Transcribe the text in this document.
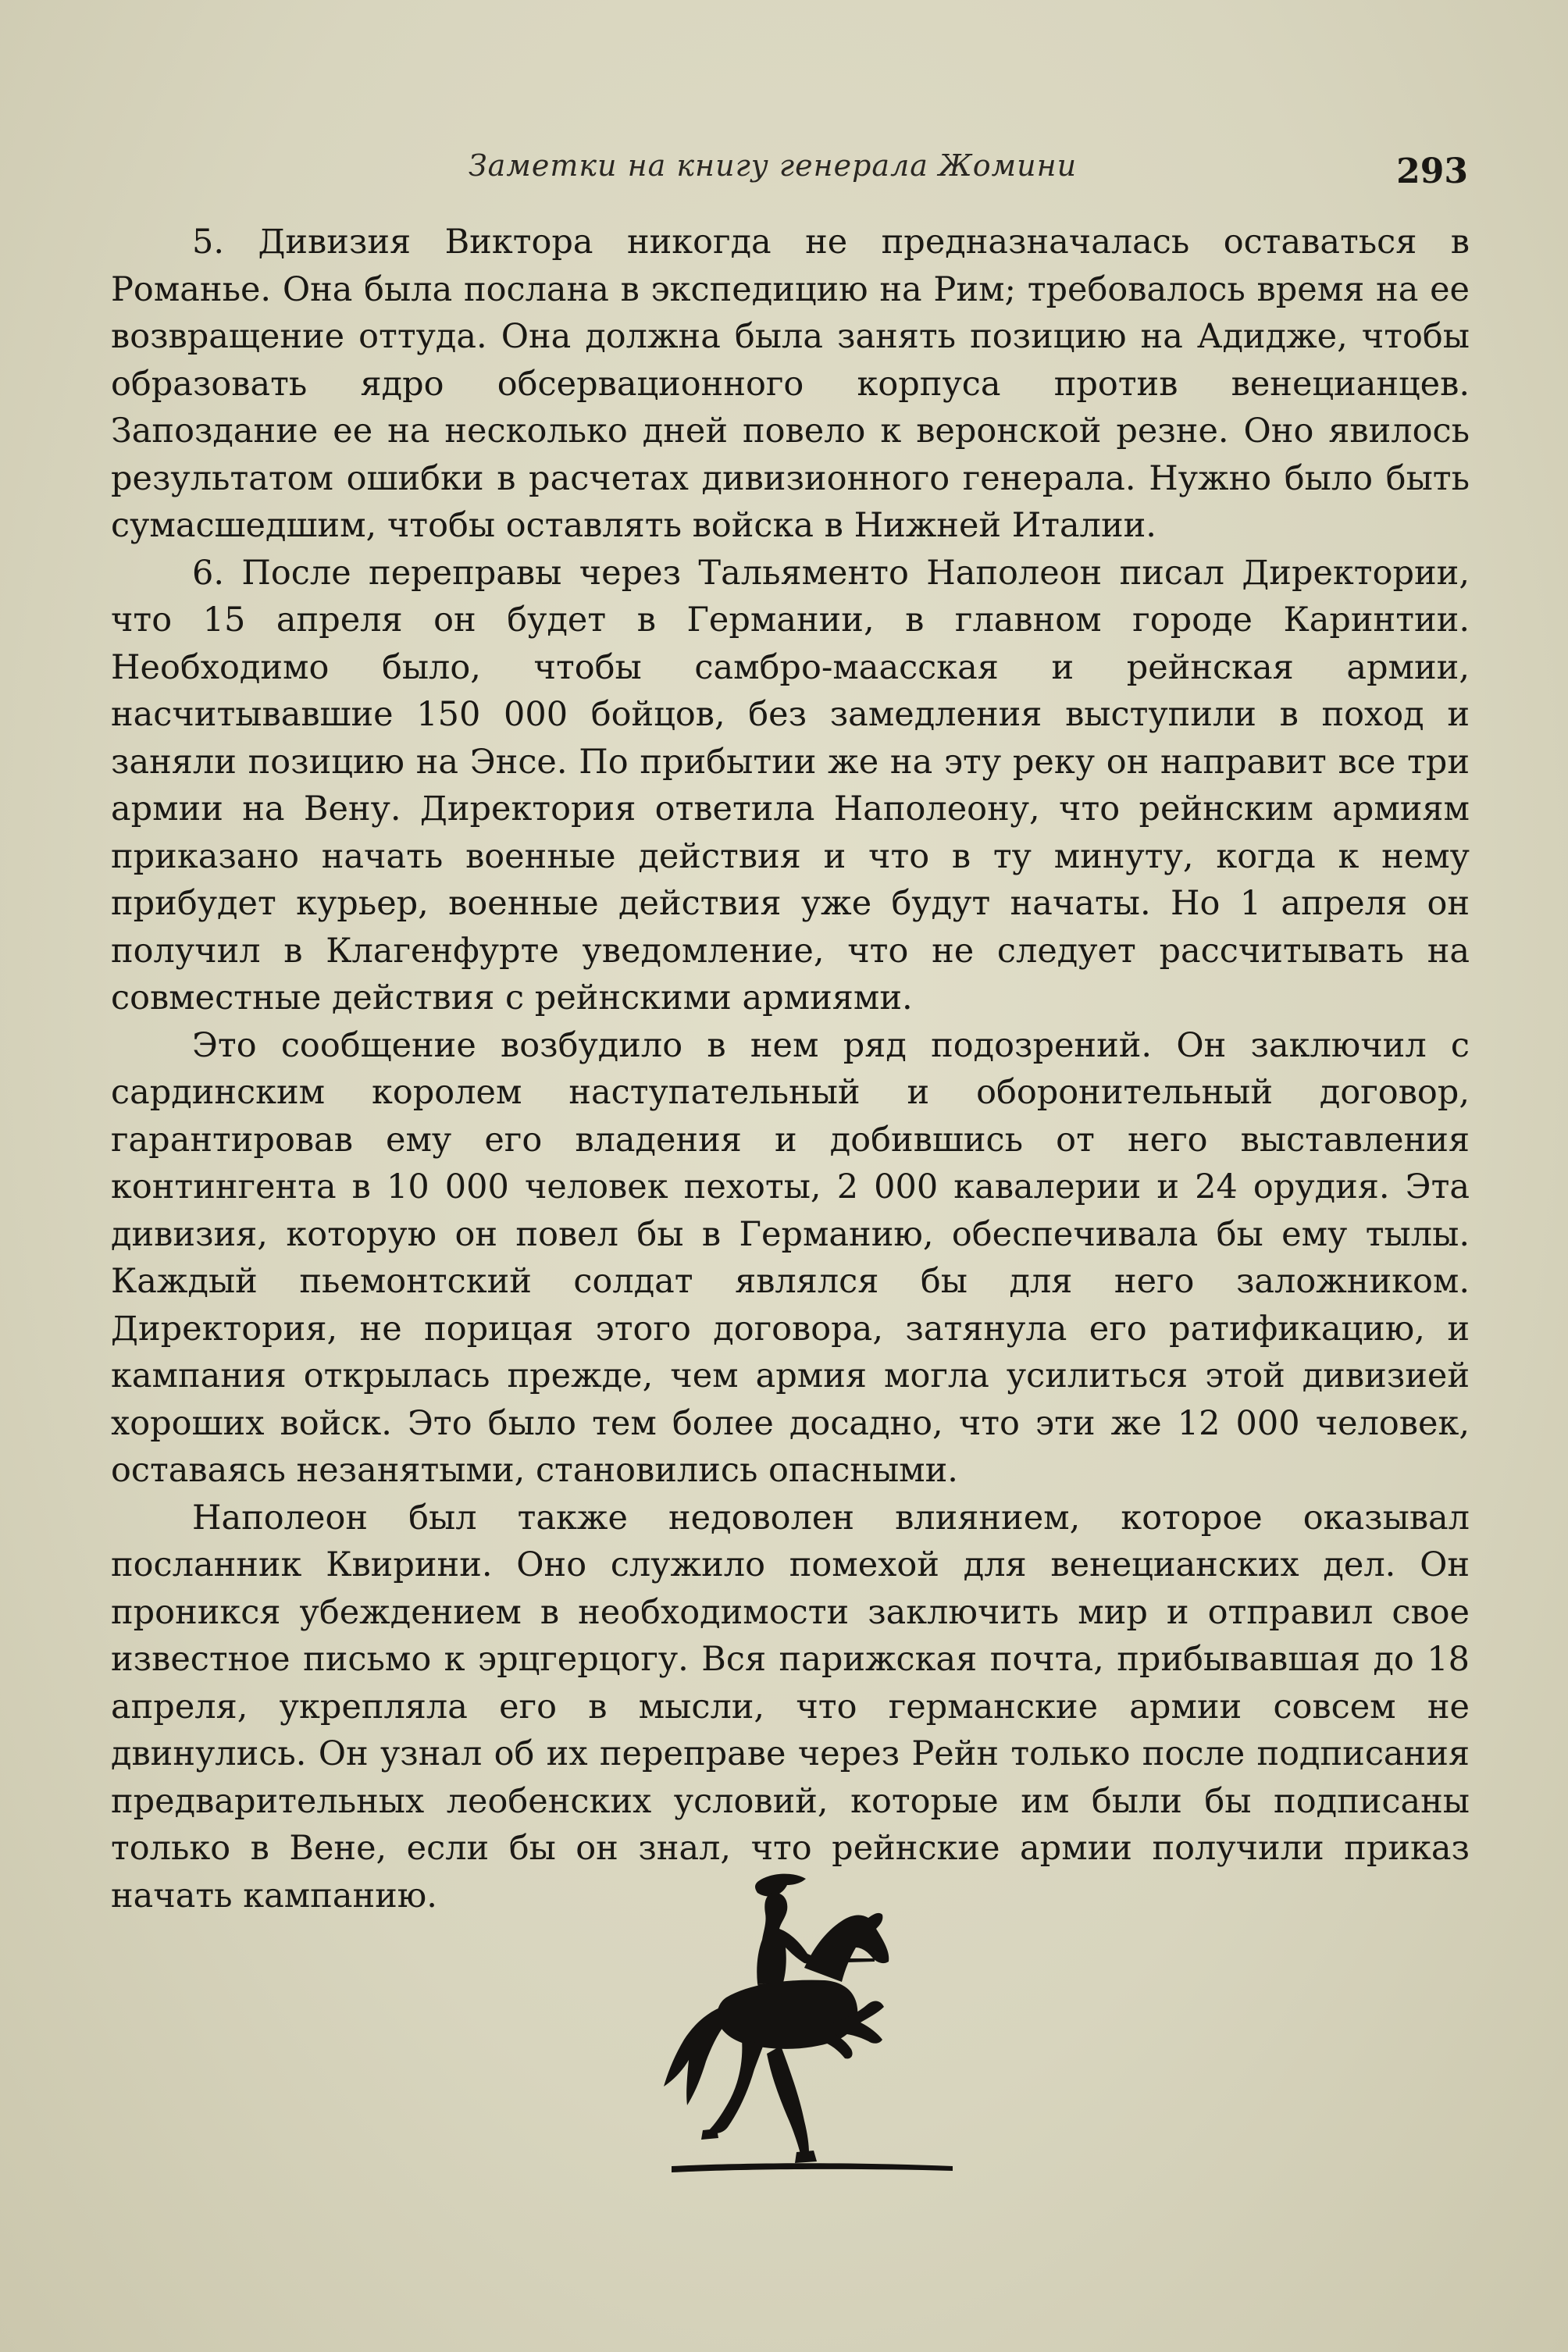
Заметки на книгу генерала Жомини	293

5. Дивизия Виктора никогда не предназначалась оставаться в Романье. Она была послана в экспедицию на Рим; требовалось время на ее возвращение оттуда. Она должна была занять позицию на Адидже, чтобы образовать ядро обсервационного корпуса против венецианцев. Запоздание ее на несколько дней повело к веронской резне. Оно явилось результатом ошибки в расчетах дивизионного генерала. Нужно было быть сумасшедшим, чтобы оставлять войска в Нижней Италии.

6. После переправы через Тальяменто Наполеон писал Директории, что 15 апреля он будет в Германии, в главном городе Каринтии. Необходимо было, чтобы самбро-маасская и рейнская армии, насчитывавшие 150 000 бойцов, без замедления выступили в поход и заняли позицию на Энсе. По прибытии же на эту реку он направит все три армии на Вену. Директория ответила Наполеону, что рейнским армиям приказано начать военные действия и что в ту минуту, когда к нему прибудет курьер, военные действия уже будут начаты. Но 1 апреля он получил в Клагенфурте уведомление, что не следует рассчитывать на совместные действия с рейнскими армиями.

Это сообщение возбудило в нем ряд подозрений. Он заключил с сардинским королем наступательный и оборонительный договор, гарантировав ему его владения и добившись от него выставления контингента в 10 000 человек пехоты, 2 000 кавалерии и 24 орудия. Эта дивизия, которую он повел бы в Германию, обеспечивала бы ему тылы. Каждый пьемонтский солдат являлся бы для него заложником. Директория, не порицая этого договора, затянула его ратификацию, и кампания открылась прежде, чем армия могла усилиться этой дивизией хороших войск. Это было тем более досадно, что эти же 12 000 человек, оставаясь незанятыми, становились опасными.

Наполеон был также недоволен влиянием, которое оказывал посланник Квирини. Оно служило помехой для венецианских дел. Он проникся убеждением в необходимости заключить мир и отправил свое известное письмо к эрцгерцогу. Вся парижская почта, прибывавшая до 18 апреля, укрепляла его в мысли, что германские армии совсем не двинулись. Он узнал об их переправе через Рейн только после подписания предварительных леобенских условий, которые им были бы подписаны только в Вене, если бы он знал, что рейнские армии получили приказ начать кампанию.
